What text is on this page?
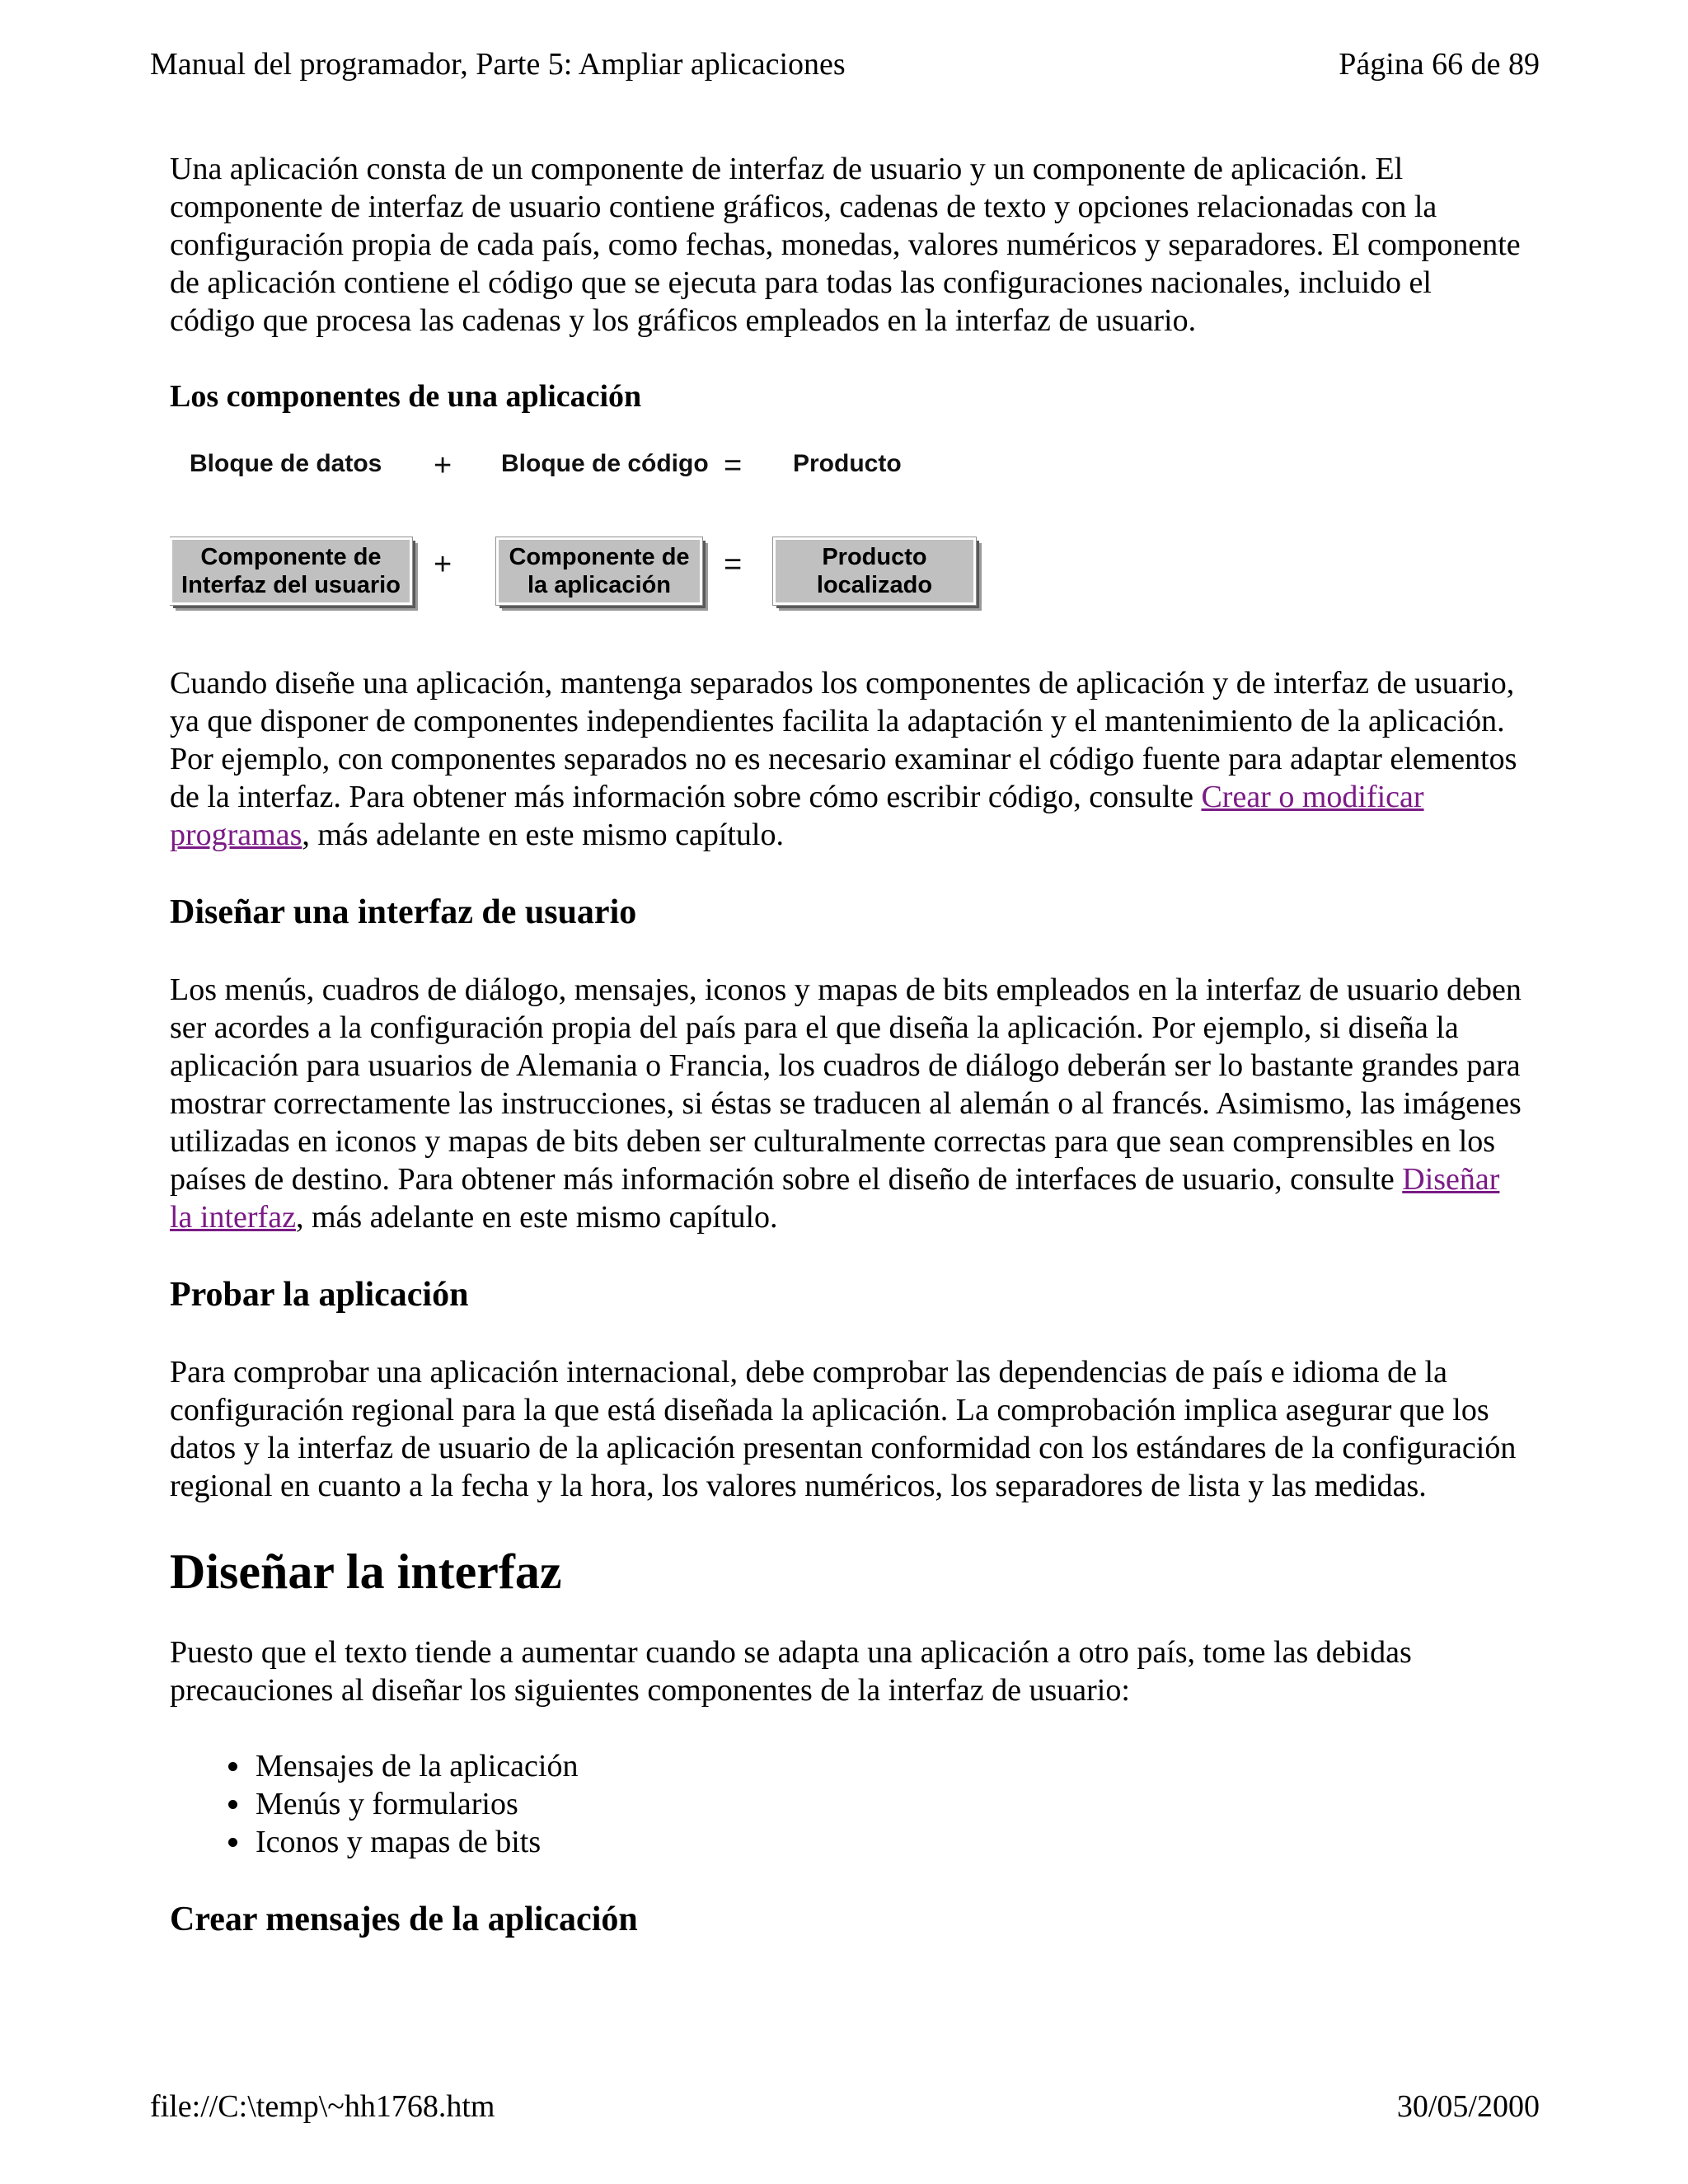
Manual del programador, Parte 5: Ampliar aplicaciones	Página 66 de 89

Una aplicación consta de un componente de interfaz de usuario y un componente de aplicación. El componente de interfaz de usuario contiene gráficos, cadenas de texto y opciones relacionadas con la configuración propia de cada país, como fechas, monedas, valores numéricos y separadores. El componente de aplicación contiene el código que se ejecuta para todas las configuraciones nacionales, incluido el código que procesa las cadenas y los gráficos empleados en la interfaz de usuario.

Los componentes de una aplicación
Bloque de datos + Bloque de código = Producto
Componente de
Interfaz del usuario
+ Componente de
la aplicación
=	Producto
localizado

Cuando diseñe una aplicación, mantenga separados los componentes de aplicación y de interfaz de usuario, ya que disponer de componentes independientes facilita la adaptación y el mantenimiento de la aplicación. Por ejemplo, con componentes separados no es necesario examinar el código fuente para adaptar elementos de la interfaz. Para obtener más información sobre cómo escribir código, consulte Crear o modificar programas, más adelante en este mismo capítulo.

Diseñar una interfaz de usuario

Los menús, cuadros de diálogo, mensajes, iconos y mapas de bits empleados en la interfaz de usuario deben ser acordes a la configuración propia del país para el que diseña la aplicación. Por ejemplo, si diseña la aplicación para usuarios de Alemania o Francia, los cuadros de diálogo deberán ser lo bastante grandes para mostrar correctamente las instrucciones, si éstas se traducen al alemán o al francés. Asimismo, las imágenes utilizadas en iconos y mapas de bits deben ser culturalmente correctas para que sean comprensibles en los países de destino. Para obtener más información sobre el diseño de interfaces de usuario, consulte Diseñar la interfaz, más adelante en este mismo capítulo.

Probar la aplicación

Para comprobar una aplicación internacional, debe comprobar las dependencias de país e idioma de la configuración regional para la que está diseñada la aplicación. La comprobación implica asegurar que los datos y la interfaz de usuario de la aplicación presentan conformidad con los estándares de la configuración regional en cuanto a la fecha y la hora, los valores numéricos, los separadores de lista y las medidas.

Diseñar la interfaz

Puesto que el texto tiende a aumentar cuando se adapta una aplicación a otro país, tome las debidas precauciones al diseñar los siguientes componentes de la interfaz de usuario:

• Mensajes de la aplicación
• Menús y formularios
• Iconos y mapas de bits
Crear mensajes de la aplicación
file://C:\temp\~hh1768.htm	30/05/2000
